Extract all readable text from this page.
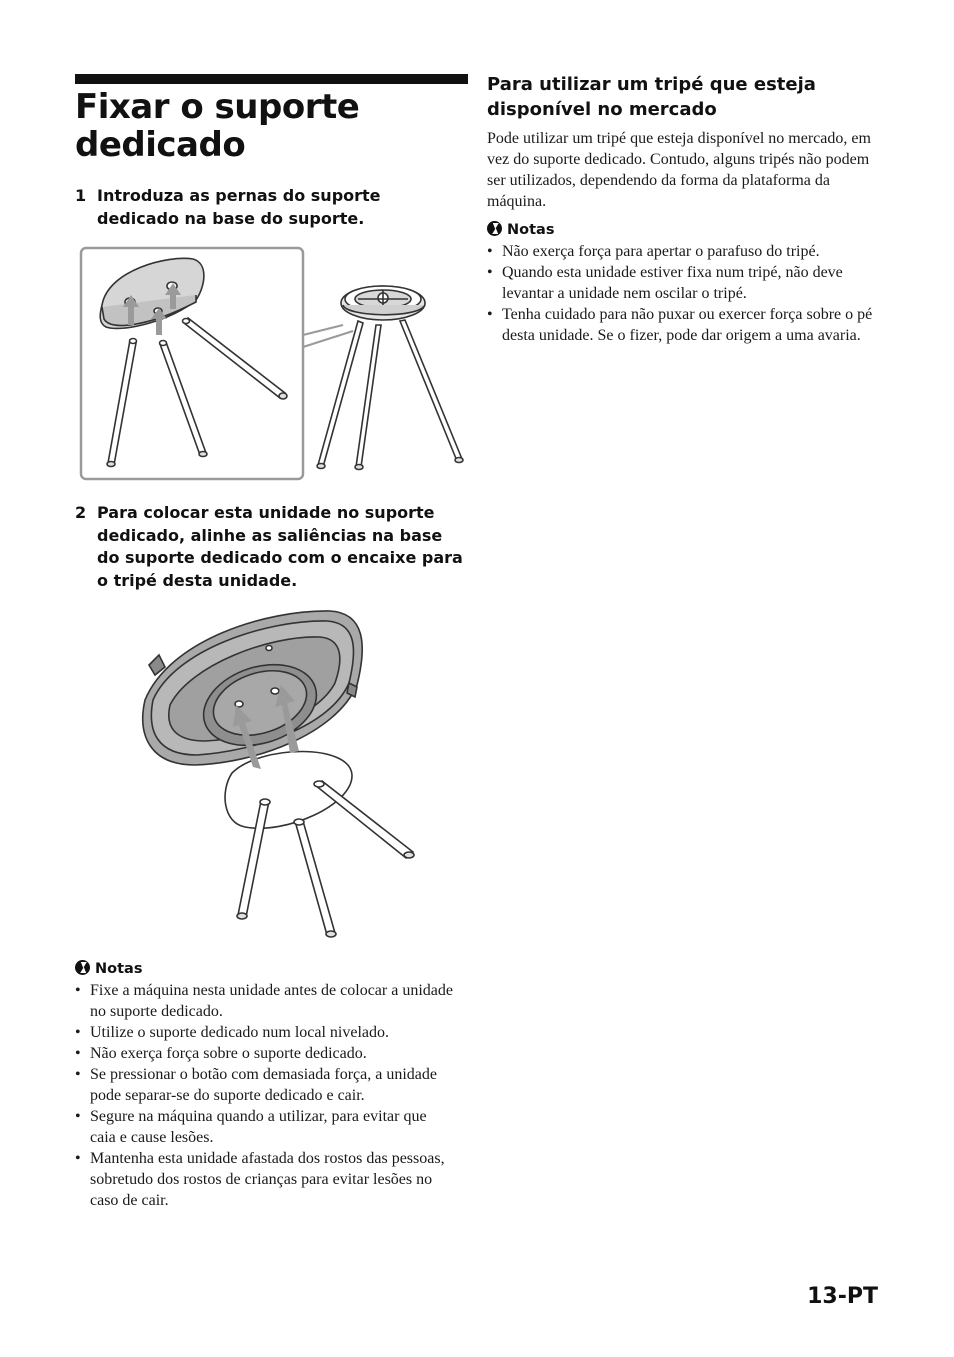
Fixar o suporte dedicado
1 Introduza as pernas do suporte dedicado na base do suporte.
2 Para colocar esta unidade no suporte dedicado, alinhe as saliências na base do suporte dedicado com o encaixe para o tripé desta unidade.
Notas
• Fixe a máquina nesta unidade antes de colocar a unidade no suporte dedicado.
• Utilize o suporte dedicado num local nivelado.
• Não exerça força sobre o suporte dedicado.
• Se pressionar o botão com demasiada força, a unidade pode separar-se do suporte dedicado e cair.
• Segure na máquina quando a utilizar, para evitar que caia e cause lesões.
• Mantenha esta unidade afastada dos rostos das pessoas, sobretudo dos rostos de crianças para evitar lesões no caso de cair.
Para utilizar um tripé que esteja disponível no mercado

Pode utilizar um tripé que esteja disponível no mercado, em vez do suporte dedicado. Contudo, alguns tripés não podem ser utilizados, dependendo da forma da plataforma da máquina.

Notas
• Não exerça força para apertar o parafuso do tripé.
• Quando esta unidade estiver fixa num tripé, não deve levantar a unidade nem oscilar o tripé.
• Tenha cuidado para não puxar ou exercer força sobre o pé desta unidade. Se o fizer, pode dar origem a uma avaria.
13-PT
